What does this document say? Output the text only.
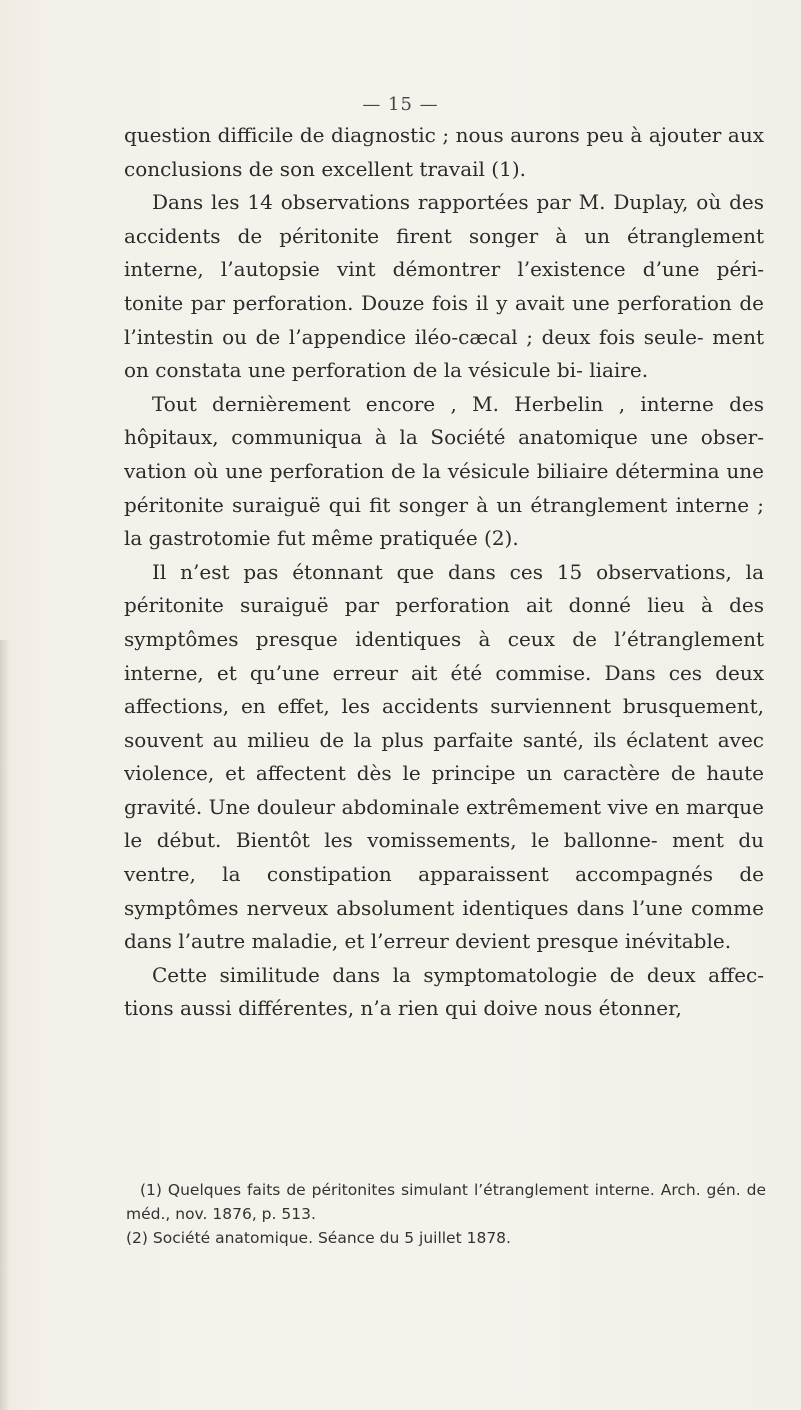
— 15 —

question difficile de diagnostic ; nous aurons peu à ajouter aux conclusions de son excellent travail (1).

Dans les 14 observations rapportées par M. Duplay, où des accidents de péritonite firent songer à un étranglement interne, l’autopsie vint démontrer l’existence d’une péri- tonite par perforation. Douze fois il y avait une perforation de l’intestin ou de l’appendice iléo-cæcal ; deux fois seule- ment on constata une perforation de la vésicule bi- liaire.

Tout dernièrement encore , M. Herbelin , interne des hôpitaux, communiqua à la Société anatomique une obser- vation où une perforation de la vésicule biliaire détermina une péritonite suraiguë qui fit songer à un étranglement interne ; la gastrotomie fut même pratiquée (2).

Il n’est pas étonnant que dans ces 15 observations, la péritonite suraiguë par perforation ait donné lieu à des symptômes presque identiques à ceux de l’étranglement interne, et qu’une erreur ait été commise. Dans ces deux affections, en effet, les accidents surviennent brusquement, souvent au milieu de la plus parfaite santé, ils éclatent avec violence, et affectent dès le principe un caractère de haute gravité. Une douleur abdominale extrêmement vive en marque le début. Bientôt les vomissements, le ballonne- ment du ventre, la constipation apparaissent accompagnés de symptômes nerveux absolument identiques dans l’une comme dans l’autre maladie, et l’erreur devient presque inévitable.

Cette similitude dans la symptomatologie de deux affec- tions aussi différentes, n’a rien qui doive nous étonner,

(1) Quelques faits de péritonites simulant l’étranglement interne. Arch. gén. de méd., nov. 1876, p. 513.

(2) Société anatomique. Séance du 5 juillet 1878.
